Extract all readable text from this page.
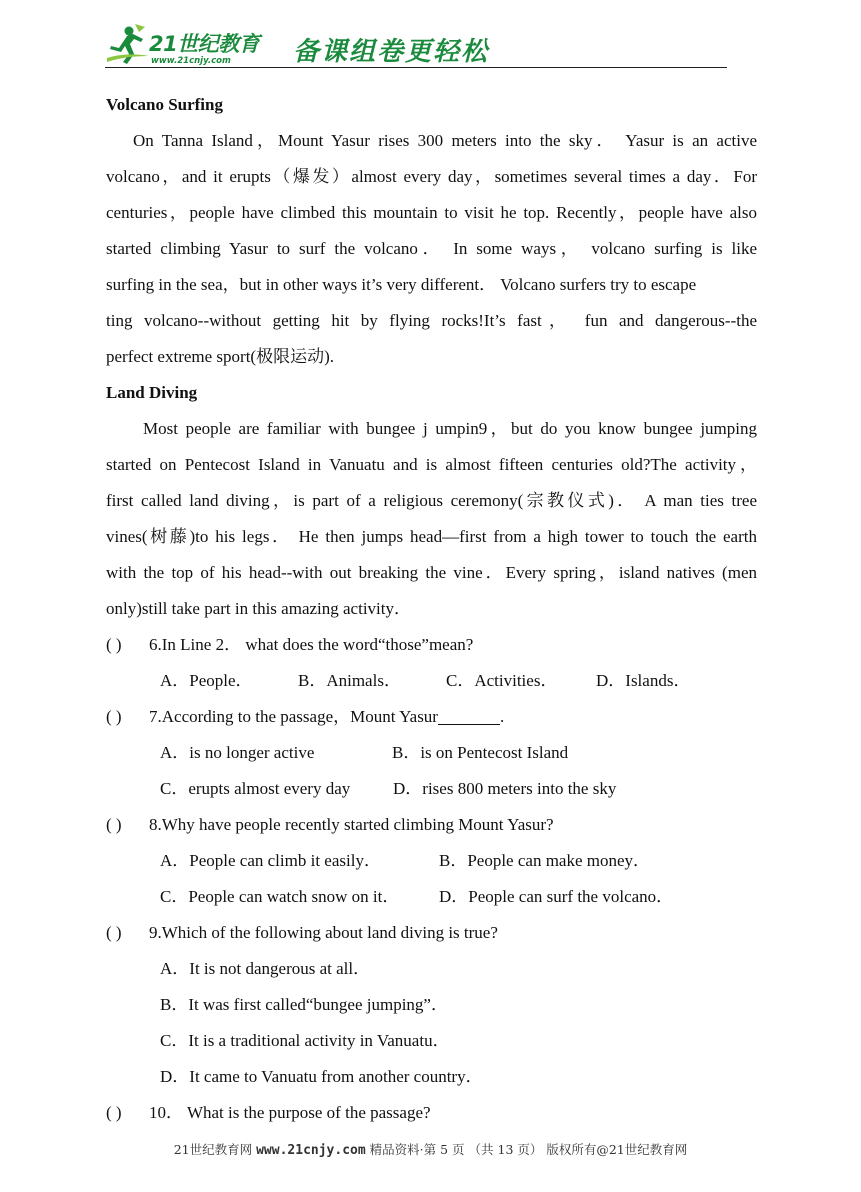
21世纪教育
www.21cnjy.com 备课组卷更轻松
Volcano Surfing
On Tanna Island，Mount Yasur rises 300 meters into the sky． Yasur is an active
volcano，and it erupts（爆发）almost every day，sometimes several times a day．For
centuries，people have climbed this mountain to visit he top. Recently，people have also
started climbing Yasur to surf the volcano． In some ways， volcano surfing is like
surfing in the sea，but in other ways it’s very different． Volcano surfers try to escape
ting volcano--without getting hit by flying rocks!It’s fast， fun and dangerous--the
perfect extreme sport(极限运动).
Land Diving
Most people are familiar with bungee j umpin9，but do you know bungee jumping
started on Pentecost Island in Vanuatu and is almost fifteen centuries old?The activity，
first called land diving，is part of a religious ceremony(宗教仪式)． A man ties tree
vines(树藤)to his legs． He then jumps head—first from a high tower to touch the earth
with the top of his head--with out breaking the vine．Every spring，island natives (men
only)still take part in this amazing activity．
( ) 6.In Line 2． what does the word“those”mean?
A．People．	B．Animals．	C．Activities． D．Islands．
( ) 7.According to the passage，Mount Yasur	.
A．is no longer active	B．is on Pentecost Island
C．erupts almost every day	D．rises 800 meters into the sky
( ) 8.Why have people recently started climbing Mount Yasur?
A．People can climb it easily．	B．People can make money．
C．People can watch snow on it． D．People can surf the volcano．
( ) 9.Which of the following about land diving is true?
A．It is not dangerous at all．
B．It was first called“bungee jumping”．
C．It is a traditional activity in Vanuatu．
D．It came to Vanuatu from another country．
( ) 10． What is the purpose of the passage?
21世纪教育网 www.21cnjy.com 精品资料·第 5 页 （共 13 页） 版权所有@21世纪教育网
